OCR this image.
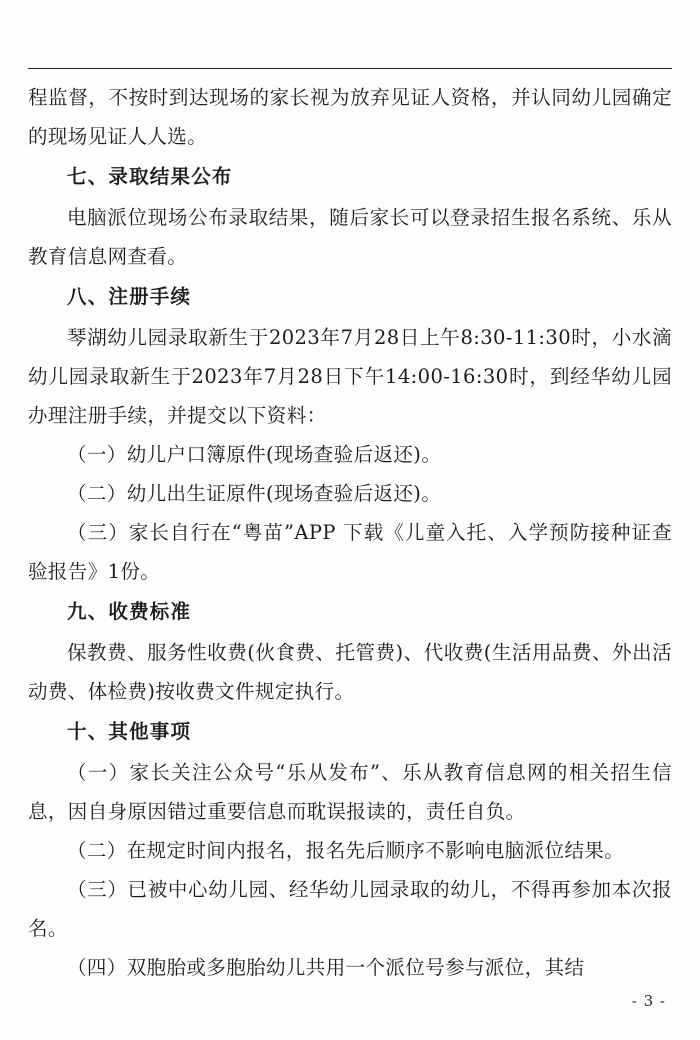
程监督，不按时到达现场的家长视为放弃见证人资格，并认同幼儿园确定的现场见证人人选。

七、录取结果公布

电脑派位现场公布录取结果，随后家长可以登录招生报名系统、乐从教育信息网查看。

八、注册手续

琴湖幼儿园录取新生于2023年7月28日上午8:30-11:30时，小水滴幼儿园录取新生于2023年7月28日下午14:00-16:30时，到经华幼儿园办理注册手续，并提交以下资料：

（一）幼儿户口簿原件(现场查验后返还)。

（二）幼儿出生证原件(现场查验后返还)。

（三）家长自行在“粤苗”APP 下载《儿童入托、入学预防接种证查验报告》1份。

九、收费标准

保教费、服务性收费(伙食费、托管费)、代收费(生活用品费、外出活动费、体检费)按收费文件规定执行。

十、其他事项

（一）家长关注公众号“乐从发布”、乐从教育信息网的相关招生信息，因自身原因错过重要信息而耽误报读的，责任自负。

（二）在规定时间内报名，报名先后顺序不影响电脑派位结果。

（三）已被中心幼儿园、经华幼儿园录取的幼儿，不得再参加本次报名。

（四）双胞胎或多胞胎幼儿共用一个派位号参与派位，其结

- 3 -
